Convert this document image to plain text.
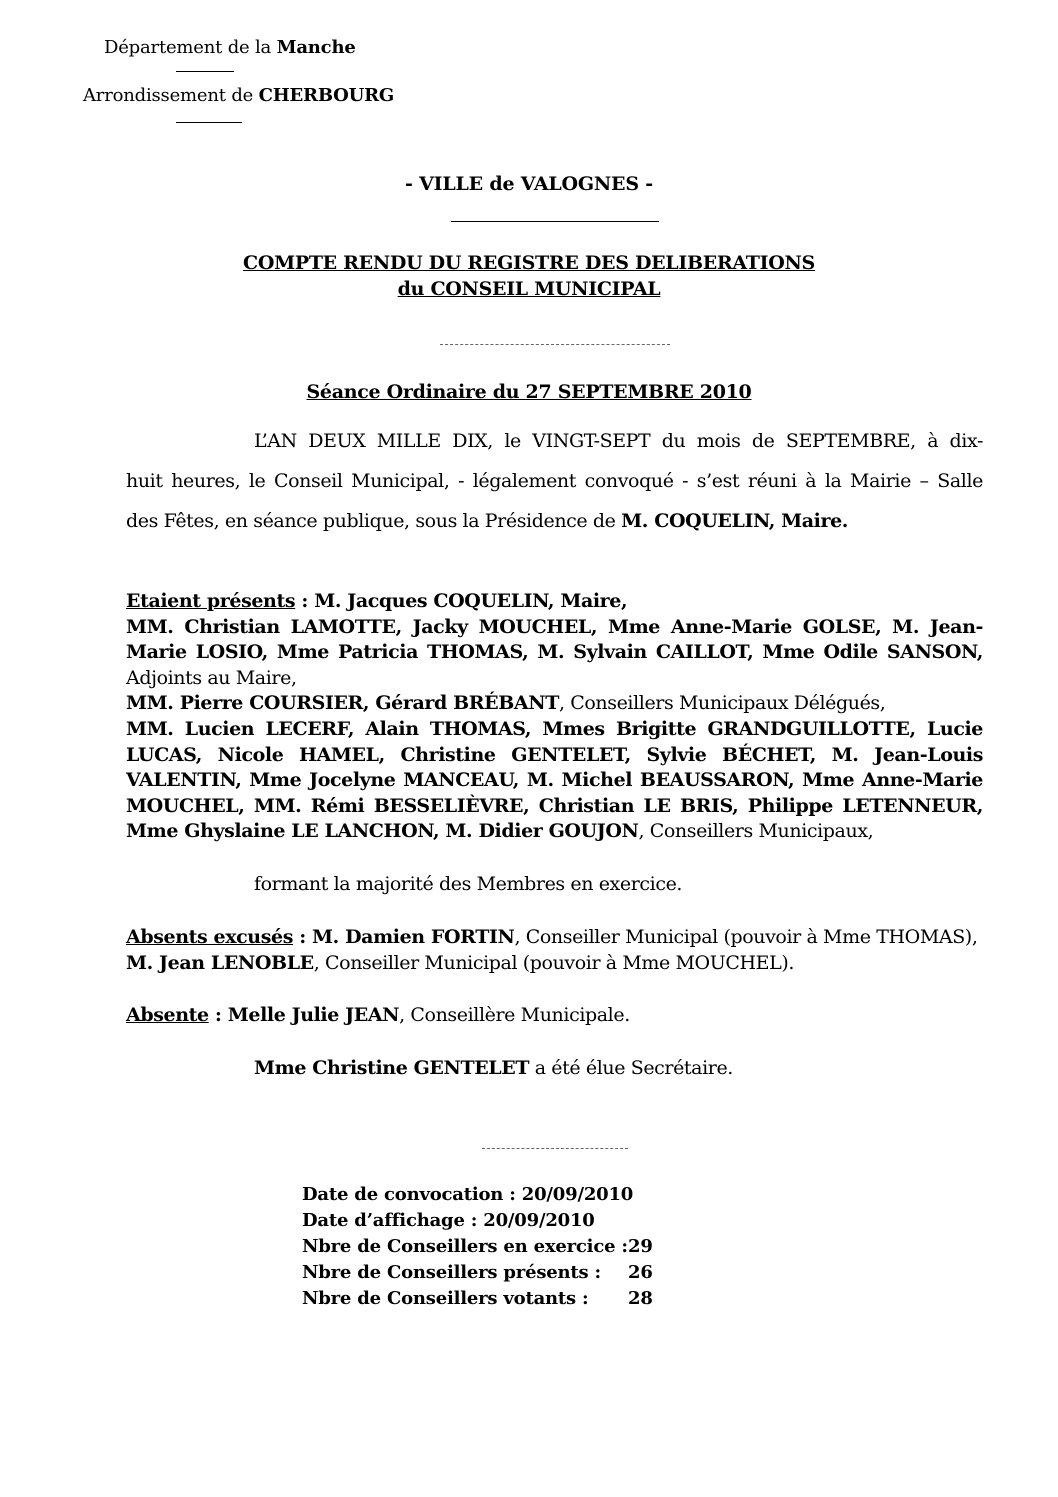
Département de la Manche
Arrondissement de CHERBOURG
- VILLE de VALOGNES -
COMPTE RENDU DU REGISTRE DES DELIBERATIONS
du CONSEIL MUNICIPAL
Séance Ordinaire du 27 SEPTEMBRE 2010
L’AN DEUX MILLE DIX, le VINGT-SEPT du mois de SEPTEMBRE, à dix-
huit heures, le Conseil Municipal, - légalement convoqué - s’est réuni à la Mairie – Salle
des Fêtes, en séance publique, sous la Présidence de M. COQUELIN, Maire.
Etaient présents : M. Jacques COQUELIN, Maire,
MM. Christian LAMOTTE, Jacky MOUCHEL, Mme Anne-Marie GOLSE, M. Jean-
Marie LOSIO, Mme Patricia THOMAS, M. Sylvain CAILLOT, Mme Odile SANSON,
Adjoints au Maire,
MM. Pierre COURSIER, Gérard BRÉBANT, Conseillers Municipaux Délégués,
MM. Lucien LECERF, Alain THOMAS, Mmes Brigitte GRANDGUILLOTTE, Lucie
LUCAS, Nicole HAMEL, Christine GENTELET, Sylvie BÉCHET, M. Jean-Louis
VALENTIN, Mme Jocelyne MANCEAU, M. Michel BEAUSSARON, Mme Anne-Marie
MOUCHEL, MM. Rémi BESSELIÈVRE, Christian LE BRIS, Philippe LETENNEUR,
Mme Ghyslaine LE LANCHON, M. Didier GOUJON, Conseillers Municipaux,
formant la majorité des Membres en exercice.
Absents excusés : M. Damien FORTIN, Conseiller Municipal (pouvoir à Mme THOMAS),
M. Jean LENOBLE, Conseiller Municipal (pouvoir à Mme MOUCHEL).
Absente : Melle Julie JEAN, Conseillère Municipale.
Mme Christine GENTELET a été élue Secrétaire.
Date de convocation : 20/09/2010
Date d’affichage : 20/09/2010
Nbre de Conseillers en exercice : 29
Nbre de Conseillers présents : 26
Nbre de Conseillers votants : 28
